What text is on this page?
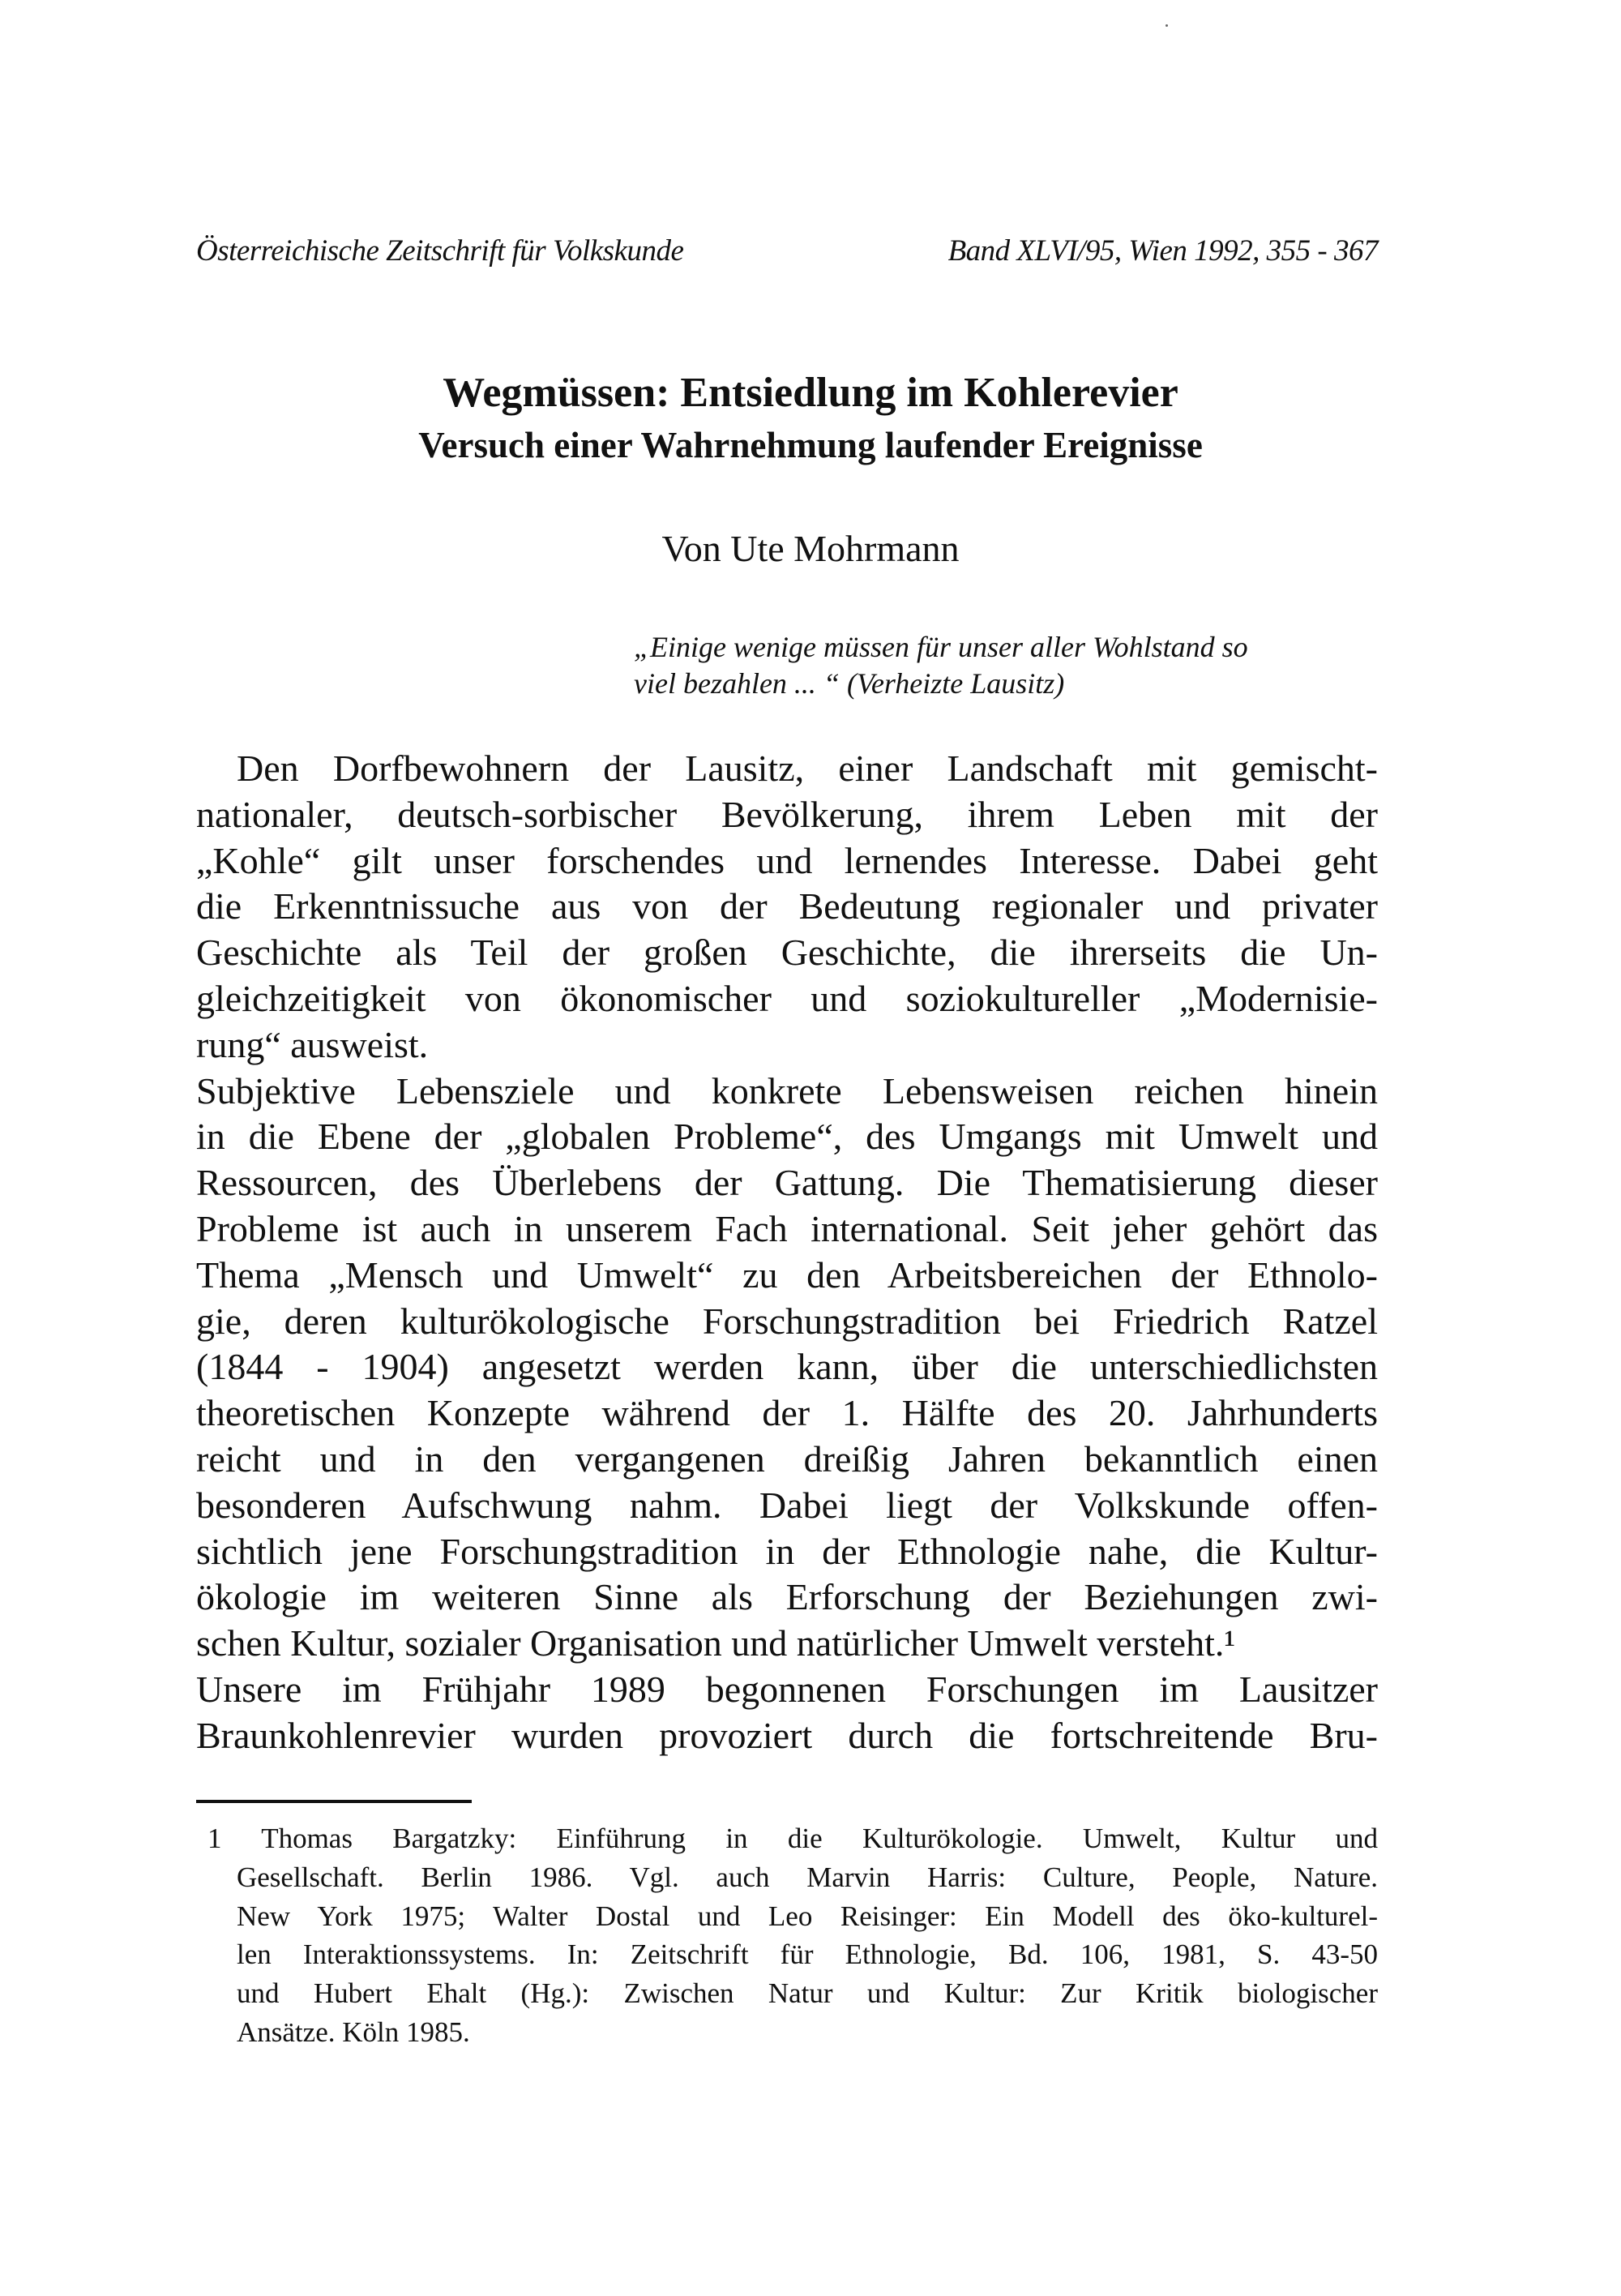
Österreichische Zeitschrift für Volkskunde	Band XLVI/95, Wien 1992, 355 - 367
Wegmüssen: Entsiedlung im Kohlerevier
Versuch einer Wahrnehmung laufender Ereignisse
Von Ute Mohrmann
„Einige wenige müssen für unser aller Wohlstand so
viel bezahlen ... “ (Verheizte Lausitz)
Den Dorfbewohnern der Lausitz, einer Landschaft mit gemischt-
nationaler, deutsch-sorbischer Bevölkerung, ihrem Leben mit der
„Kohle“ gilt unser forschendes und lernendes Interesse. Dabei geht
die Erkenntnissuche aus von der Bedeutung regionaler und privater
Geschichte als Teil der großen Geschichte, die ihrerseits die Un-
gleichzeitigkeit von ökonomischer und soziokultureller „Modernisie-
rung“ ausweist.
Subjektive Lebensziele und konkrete Lebensweisen reichen hinein
in die Ebene der „globalen Probleme“, des Umgangs mit Umwelt und
Ressourcen, des Überlebens der Gattung. Die Thematisierung dieser
Probleme ist auch in unserem Fach international. Seit jeher gehört das
Thema „Mensch und Umwelt“ zu den Arbeitsbereichen der Ethnolo-
gie, deren kulturökologische Forschungstradition bei Friedrich Ratzel
(1844 - 1904) angesetzt werden kann, über die unterschiedlichsten
theoretischen Konzepte während der 1. Hälfte des 20. Jahrhunderts
reicht und in den vergangenen dreißig Jahren bekanntlich einen
besonderen Aufschwung nahm. Dabei liegt der Volkskunde offen-
sichtlich jene Forschungstradition in der Ethnologie nahe, die Kultur-
ökologie im weiteren Sinne als Erforschung der Beziehungen zwi-
schen Kultur, sozialer Organisation und natürlicher Umwelt versteht.¹
Unsere im Frühjahr 1989 begonnenen Forschungen im Lausitzer
Braunkohlenrevier wurden provoziert durch die fortschreitende Bru-
1 Thomas Bargatzky: Einführung in die Kulturökologie. Umwelt, Kultur und
Gesellschaft. Berlin 1986. Vgl. auch Marvin Harris: Culture, People, Nature.
New York 1975; Walter Dostal und Leo Reisinger: Ein Modell des öko-kulturel-
len Interaktionssystems. In: Zeitschrift für Ethnologie, Bd. 106, 1981, S. 43-50
und Hubert Ehalt (Hg.): Zwischen Natur und Kultur: Zur Kritik biologischer
Ansätze. Köln 1985.
